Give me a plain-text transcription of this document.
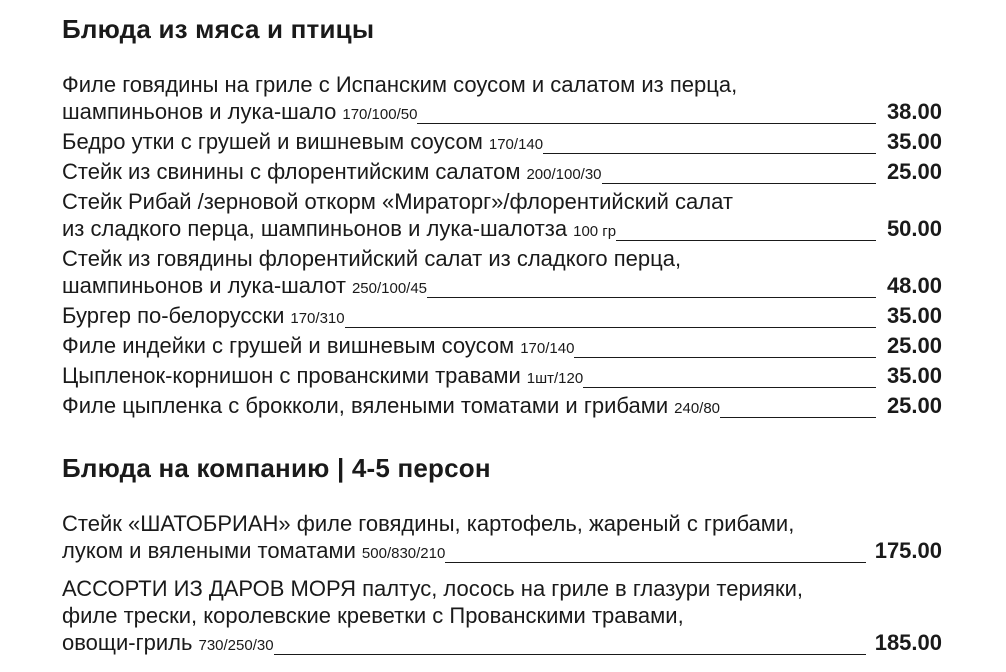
Блюда из мяса и птицы
Филе говядины на гриле с Испанским соусом и салатом из перца,
шампиньонов и лука-шало 170/100/50	38.00
Бедро утки с грушей и вишневым соусом 170/140	35.00
Стейк из свинины с флорентийским салатом 200/100/30	25.00
Стейк Рибай /зерновой откорм «Мираторг»/флорентийский салат
из сладкого перца, шампиньонов и лука-шалотза 100 гр	50.00
Стейк из говядины флорентийский салат из сладкого перца,
шампиньонов и лука-шалот 250/100/45	48.00
Бургер по-белорусски 170/310	35.00
Филе индейки с грушей и вишневым соусом 170/140	25.00
Цыпленок-корнишон с прованскими травами 1шт/120	35.00
Филе цыпленка с брокколи, вялеными томатами и грибами 240/80	25.00
Блюда на компанию | 4-5 персон
Стейк «ШАТОБРИАН» филе говядины, картофель, жареный с грибами,
луком и вялеными томатами 500/830/210	175.00
АССОРТИ ИЗ ДАРОВ МОРЯ палтус, лосось на гриле в глазури терияки,
филе трески, королевские креветки с Прованскими травами,
овощи-гриль 730/250/30	185.00
